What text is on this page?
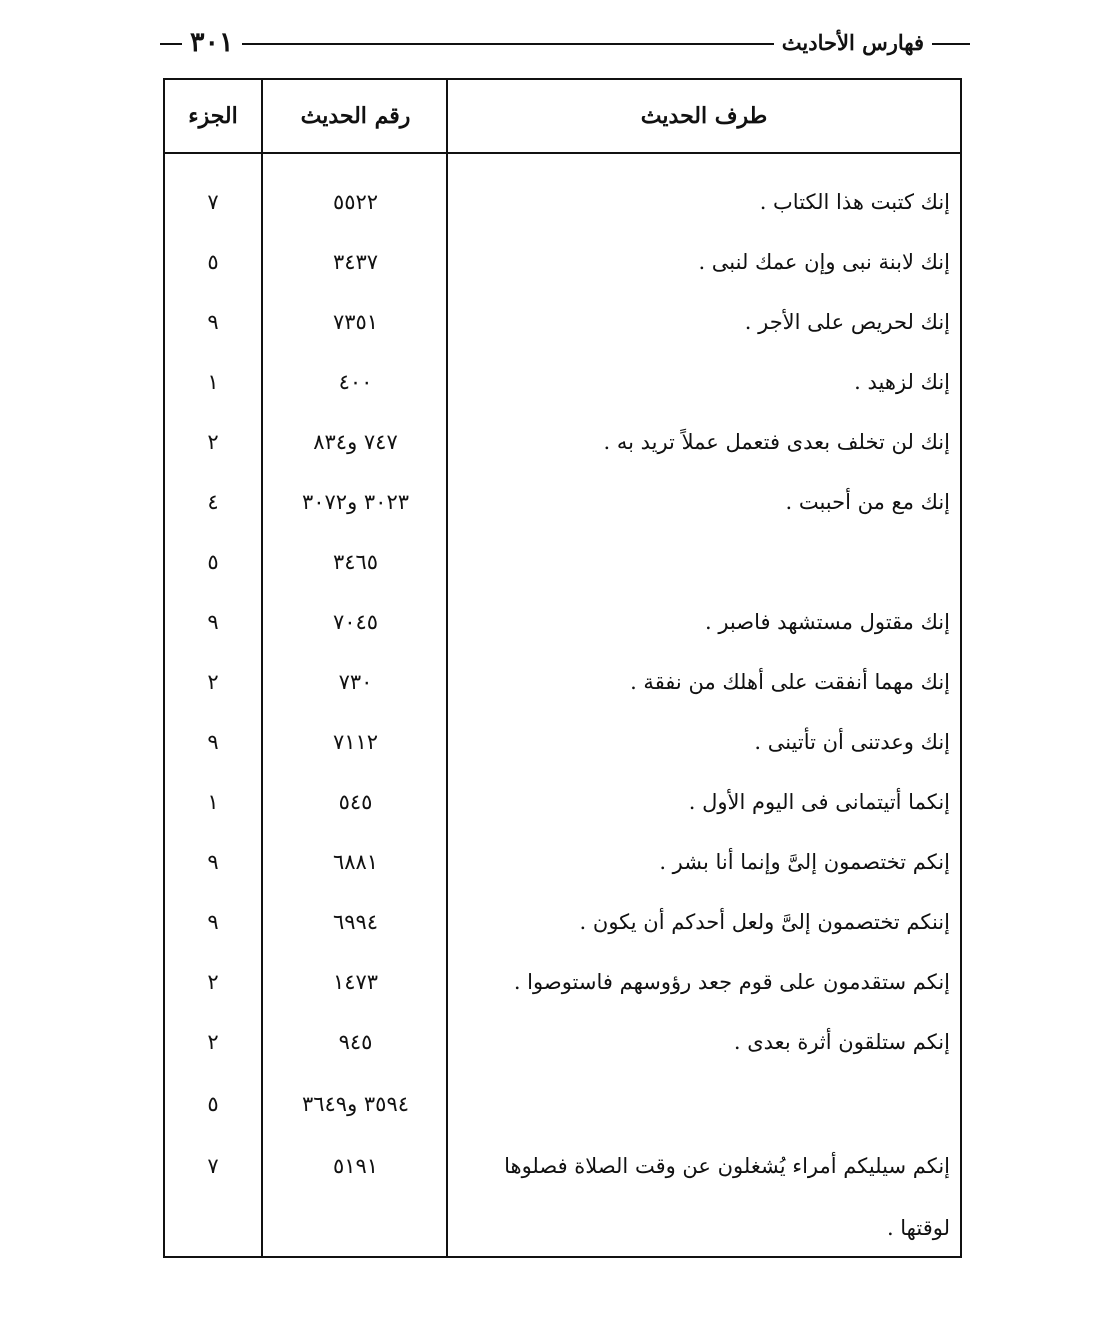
فهارس الأحاديث
٣٠١
طرف الحديث
رقم الحديث
الجزء
إنك كتبت هذا الكتاب .
٥٥٢٢
٧
إنك لابنة نبى وإن عمك لنبى .
٣٤٣٧
٥
إنك لحريص على الأجر .
٧٣٥١
٩
إنك لزهيد .
٤٠٠
١
إنك لن تخلف بعدى فتعمل عملاً تريد به .
٧٤٧ و٨٣٤
٢
إنك مع من أحببت .
٣٠٢٣ و٣٠٧٢
٤
٣٤٦٥
٥
إنك مقتول مستشهد فاصبر .
٧٠٤٥
٩
إنك مهما أنفقت على أهلك من نفقة .
٧٣٠
٢
إنك وعدتنى أن تأتينى .
٧١١٢
٩
إنكما أتيتمانى فى اليوم الأول .
٥٤٥
١
إنكم تختصمون إلىَّ وإنما أنا بشر .
٦٨٨١
٩
إننكم تختصمون إلىَّ ولعل أحدكم أن يكون .
٦٩٩٤
٩
إنكم ستقدمون على قوم جعد رؤوسهم فاستوصوا .
١٤٧٣
٢
إنكم ستلقون أثرة بعدى .
٩٤٥
٢
٣٥٩٤ و٣٦٤٩
٥
إنكم سيليكم أمراء يُشغلون عن وقت الصلاة فصلوها
٥١٩١
٧
لوقتها .
